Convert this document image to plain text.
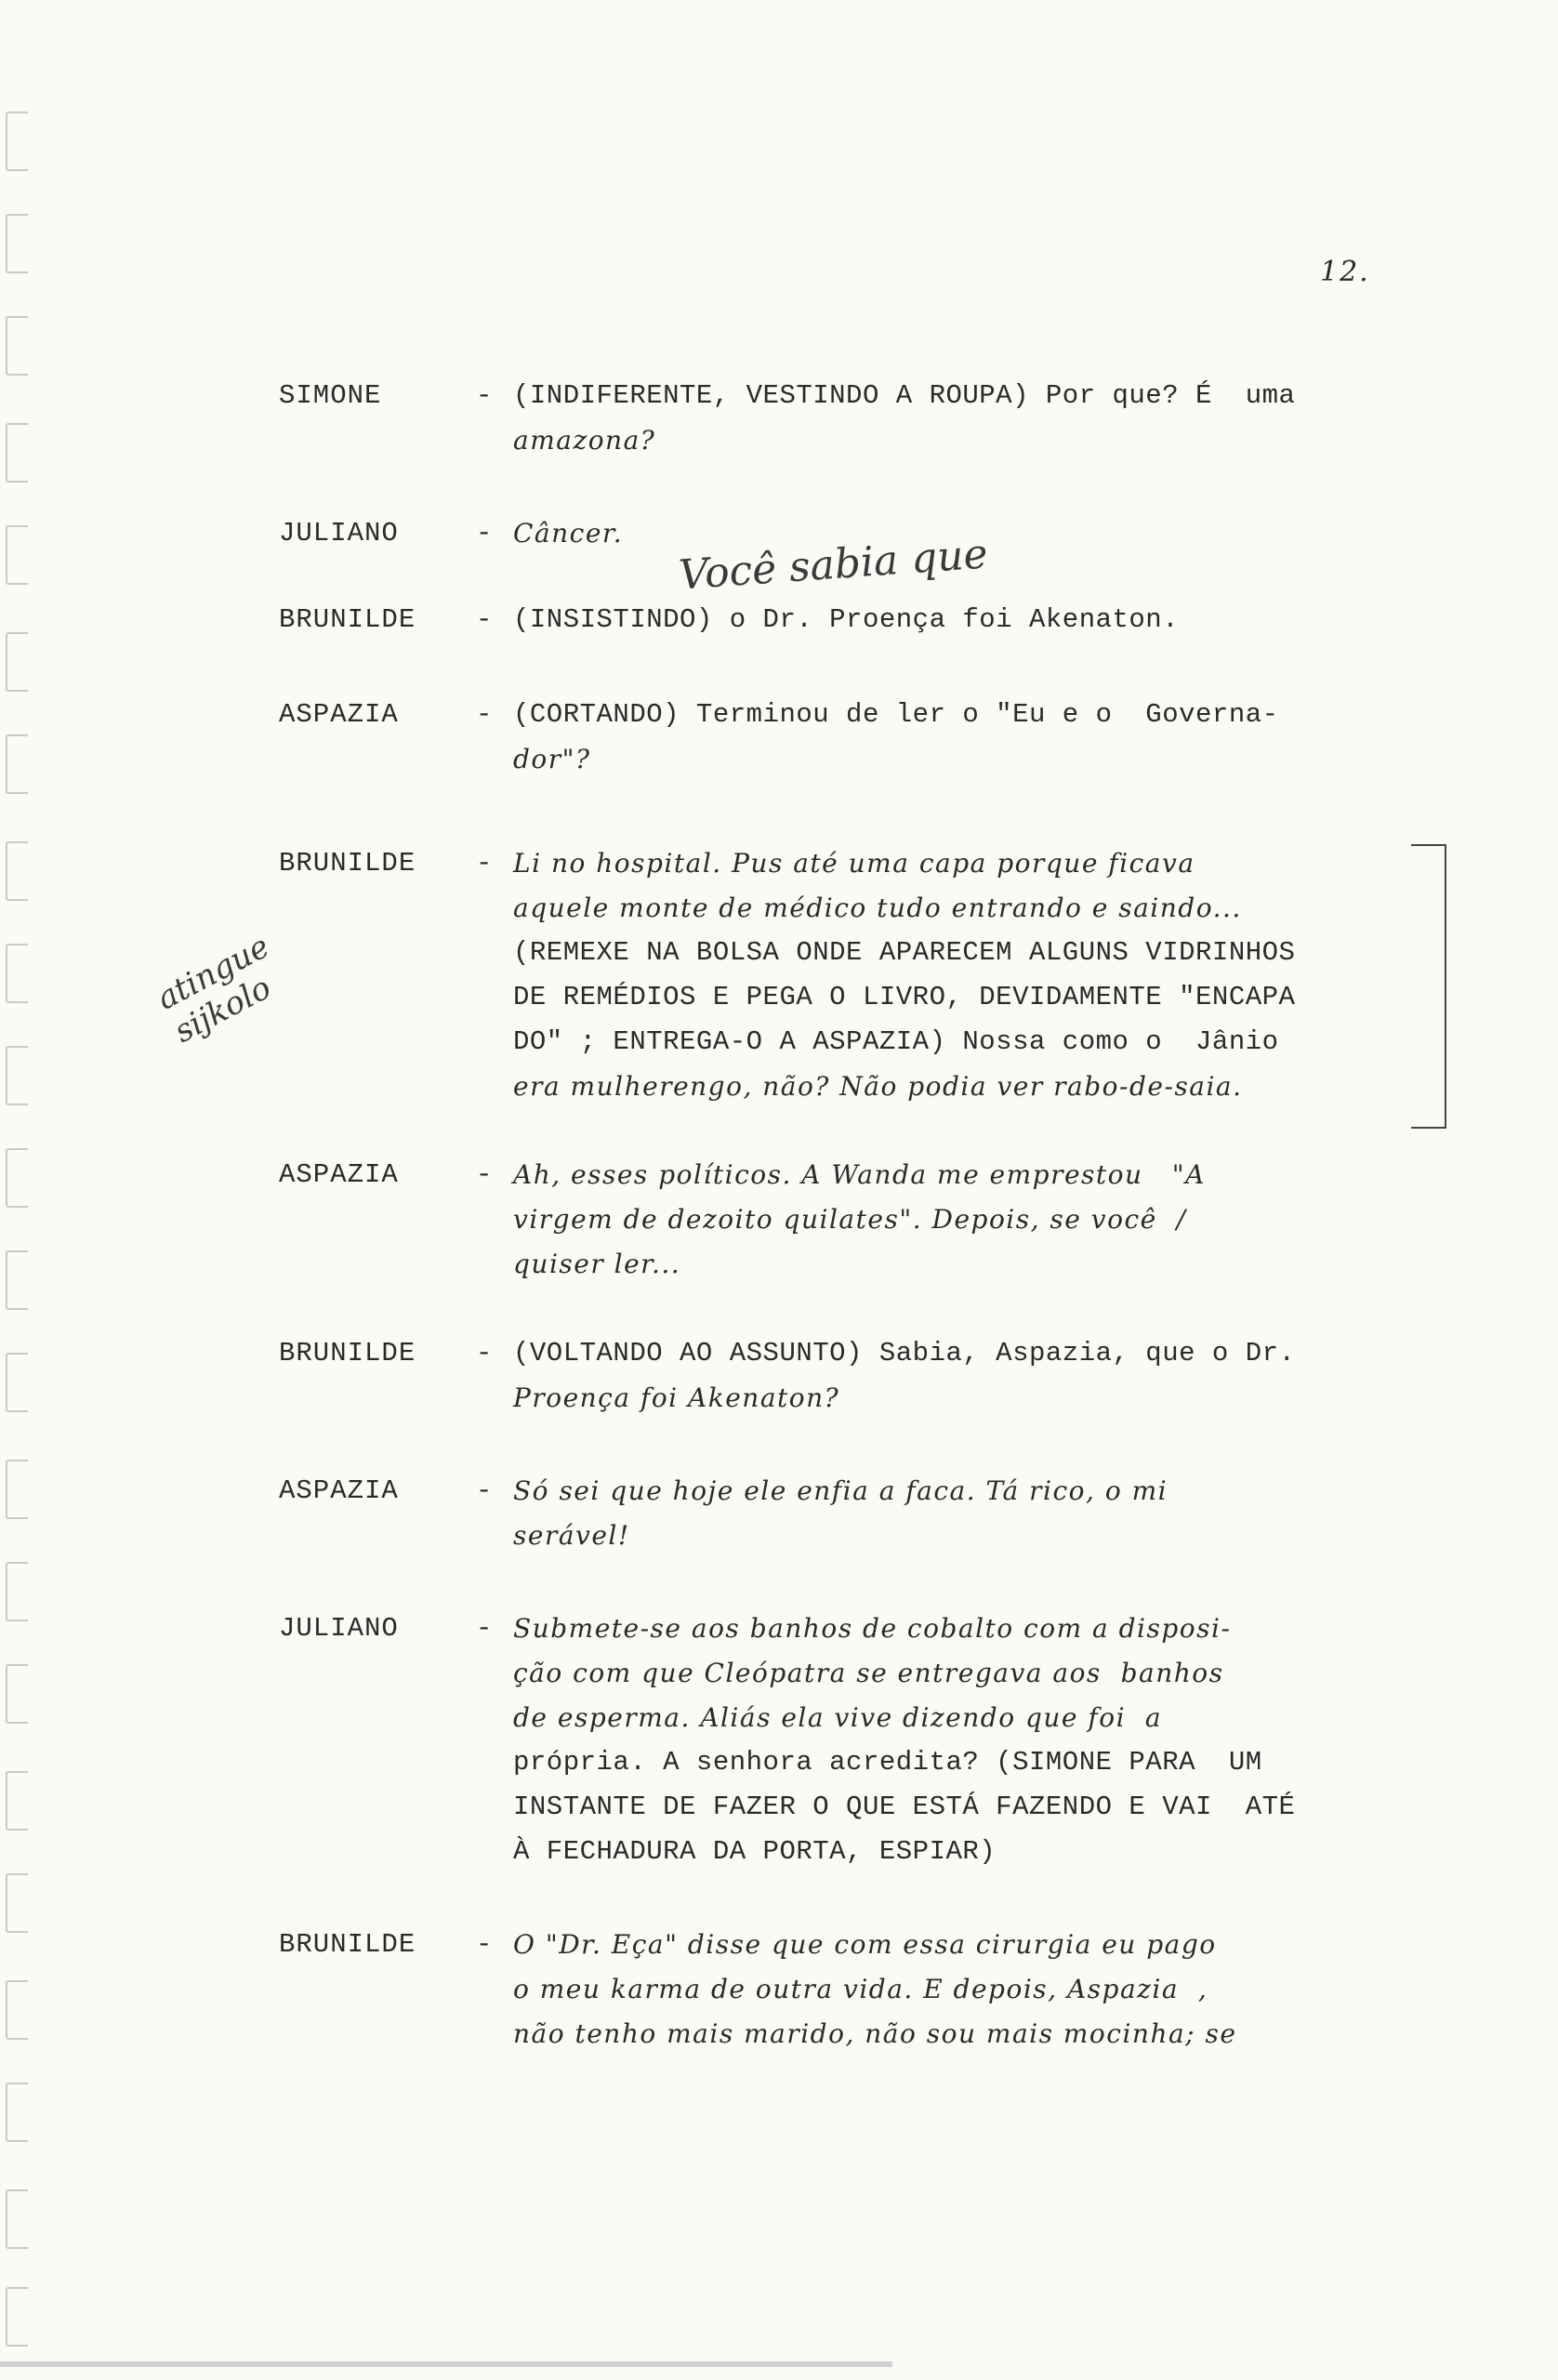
12.
SIMONE	- (INDIFERENTE, VESTINDO A ROUPA) Por que? É  uma
amazona?
JULIANO	- Câncer.	Você sabia que
BRUNILDE	- (INSISTINDO) o Dr. Proença foi Akenaton.
ASPAZIA	- (CORTANDO) Terminou de ler o "Eu e o  Governa-
dor"?
BRUNILDE	- Li no hospital. Pus até uma capa porque ficava
aquele monte de médico tudo entrando e saindo...
(REMEXE NA BOLSA ONDE APARECEM ALGUNS VIDRINHOS
DE REMÉDIOS E PEGA O LIVRO, DEVIDAMENTE "ENCAPA
DO" ; ENTREGA-O A ASPAZIA) Nossa como o  Jânio
era mulherengo, não? Não podia ver rabo-de-saia.
atingue sijkolo
ASPAZIA	- Ah, esses políticos. A Wanda me emprestou   "A
virgem de dezoito quilates". Depois, se você  /
quiser ler...
BRUNILDE	- (VOLTANDO AO ASSUNTO) Sabia, Aspazia, que o Dr.
Proença foi Akenaton?
ASPAZIA	- Só sei que hoje ele enfia a faca. Tá rico, o mi
serável!
JULIANO	- Submete-se aos banhos de cobalto com a disposi-
ção com que Cleópatra se entregava aos  banhos
de esperma. Aliás ela vive dizendo que foi  a
própria. A senhora acredita? (SIMONE PARA  UM
INSTANTE DE FAZER O QUE ESTÁ FAZENDO E VAI  ATÉ
À FECHADURA DA PORTA, ESPIAR)
BRUNILDE	- O "Dr. Eça" disse que com essa cirurgia eu pago
o meu karma de outra vida. E depois, Aspazia  ,
não tenho mais marido, não sou mais mocinha; se
